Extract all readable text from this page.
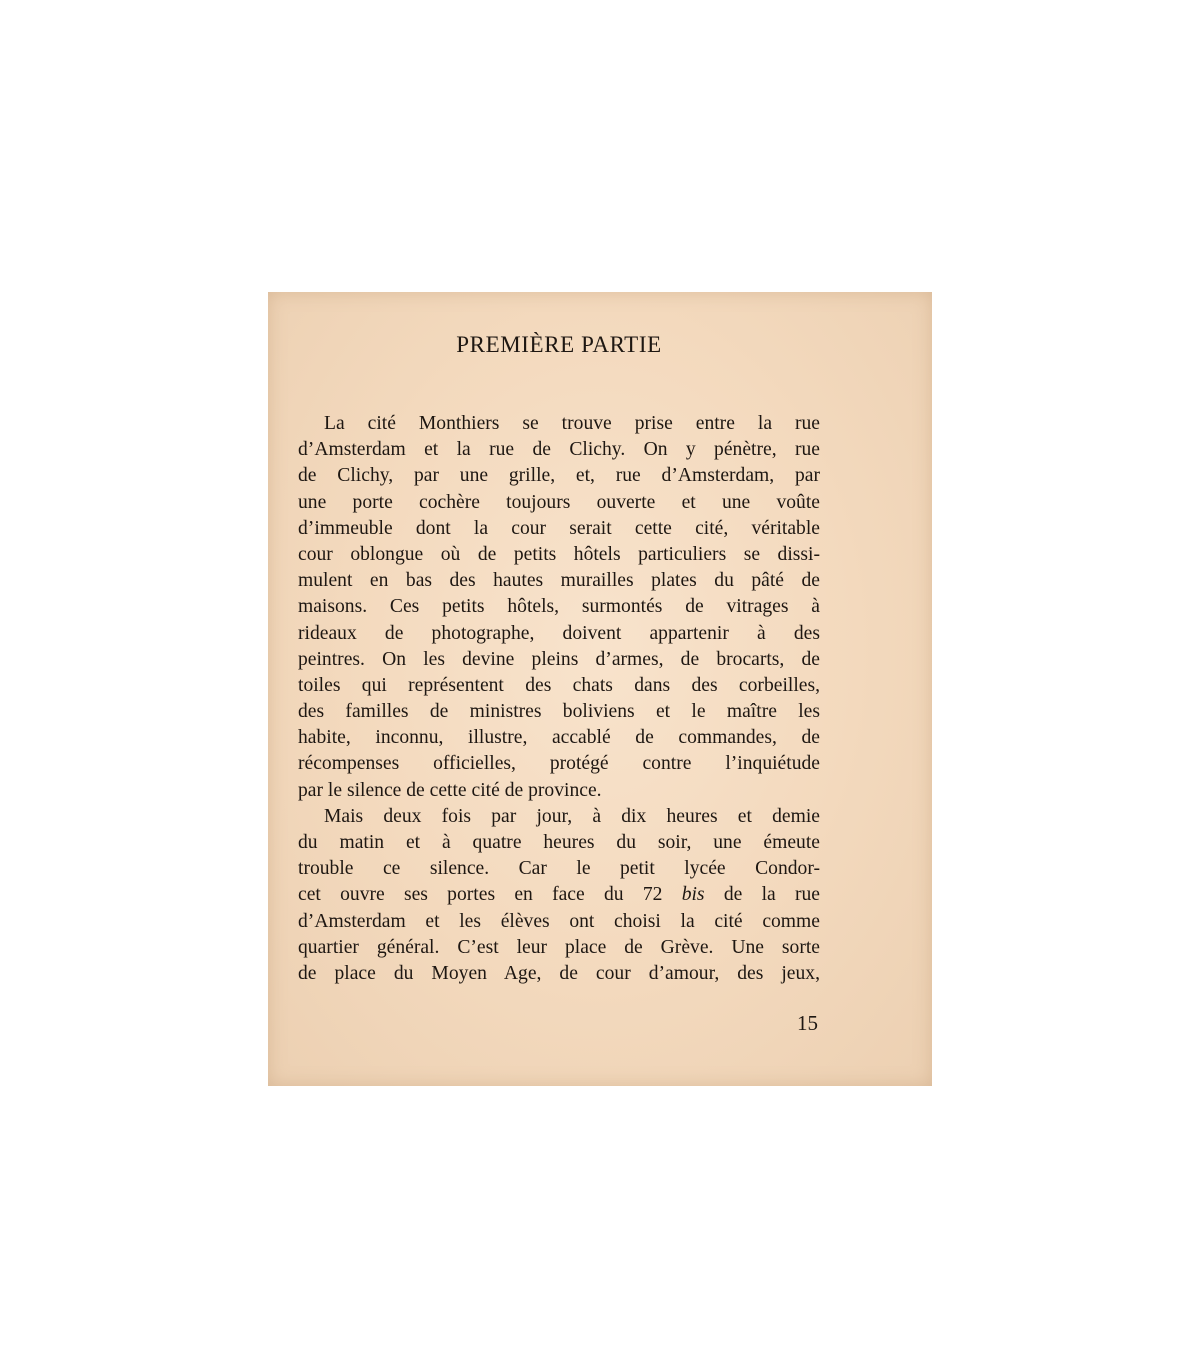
PREMIÈRE PARTIE
La cité Monthiers se trouve prise entre la rue
d’Amsterdam et la rue de Clichy. On y pénètre, rue
de Clichy, par une grille, et, rue d’Amsterdam, par
une porte cochère toujours ouverte et une voûte
d’immeuble dont la cour serait cette cité, véritable
cour oblongue où de petits hôtels particuliers se dissi-
mulent en bas des hautes murailles plates du pâté de
maisons. Ces petits hôtels, surmontés de vitrages à
rideaux de photographe, doivent appartenir à des
peintres. On les devine pleins d’armes, de brocarts, de
toiles qui représentent des chats dans des corbeilles,
des familles de ministres boliviens et le maître les
habite, inconnu, illustre, accablé de commandes, de
récompenses officielles, protégé contre l’inquiétude
par le silence de cette cité de province.
Mais deux fois par jour, à dix heures et demie
du matin et à quatre heures du soir, une émeute
trouble ce silence. Car le petit lycée Condor-
cet ouvre ses portes en face du 72 bis de la rue
d’Amsterdam et les élèves ont choisi la cité comme
quartier général. C’est leur place de Grève. Une sorte
de place du Moyen Age, de cour d’amour, des jeux,
15
